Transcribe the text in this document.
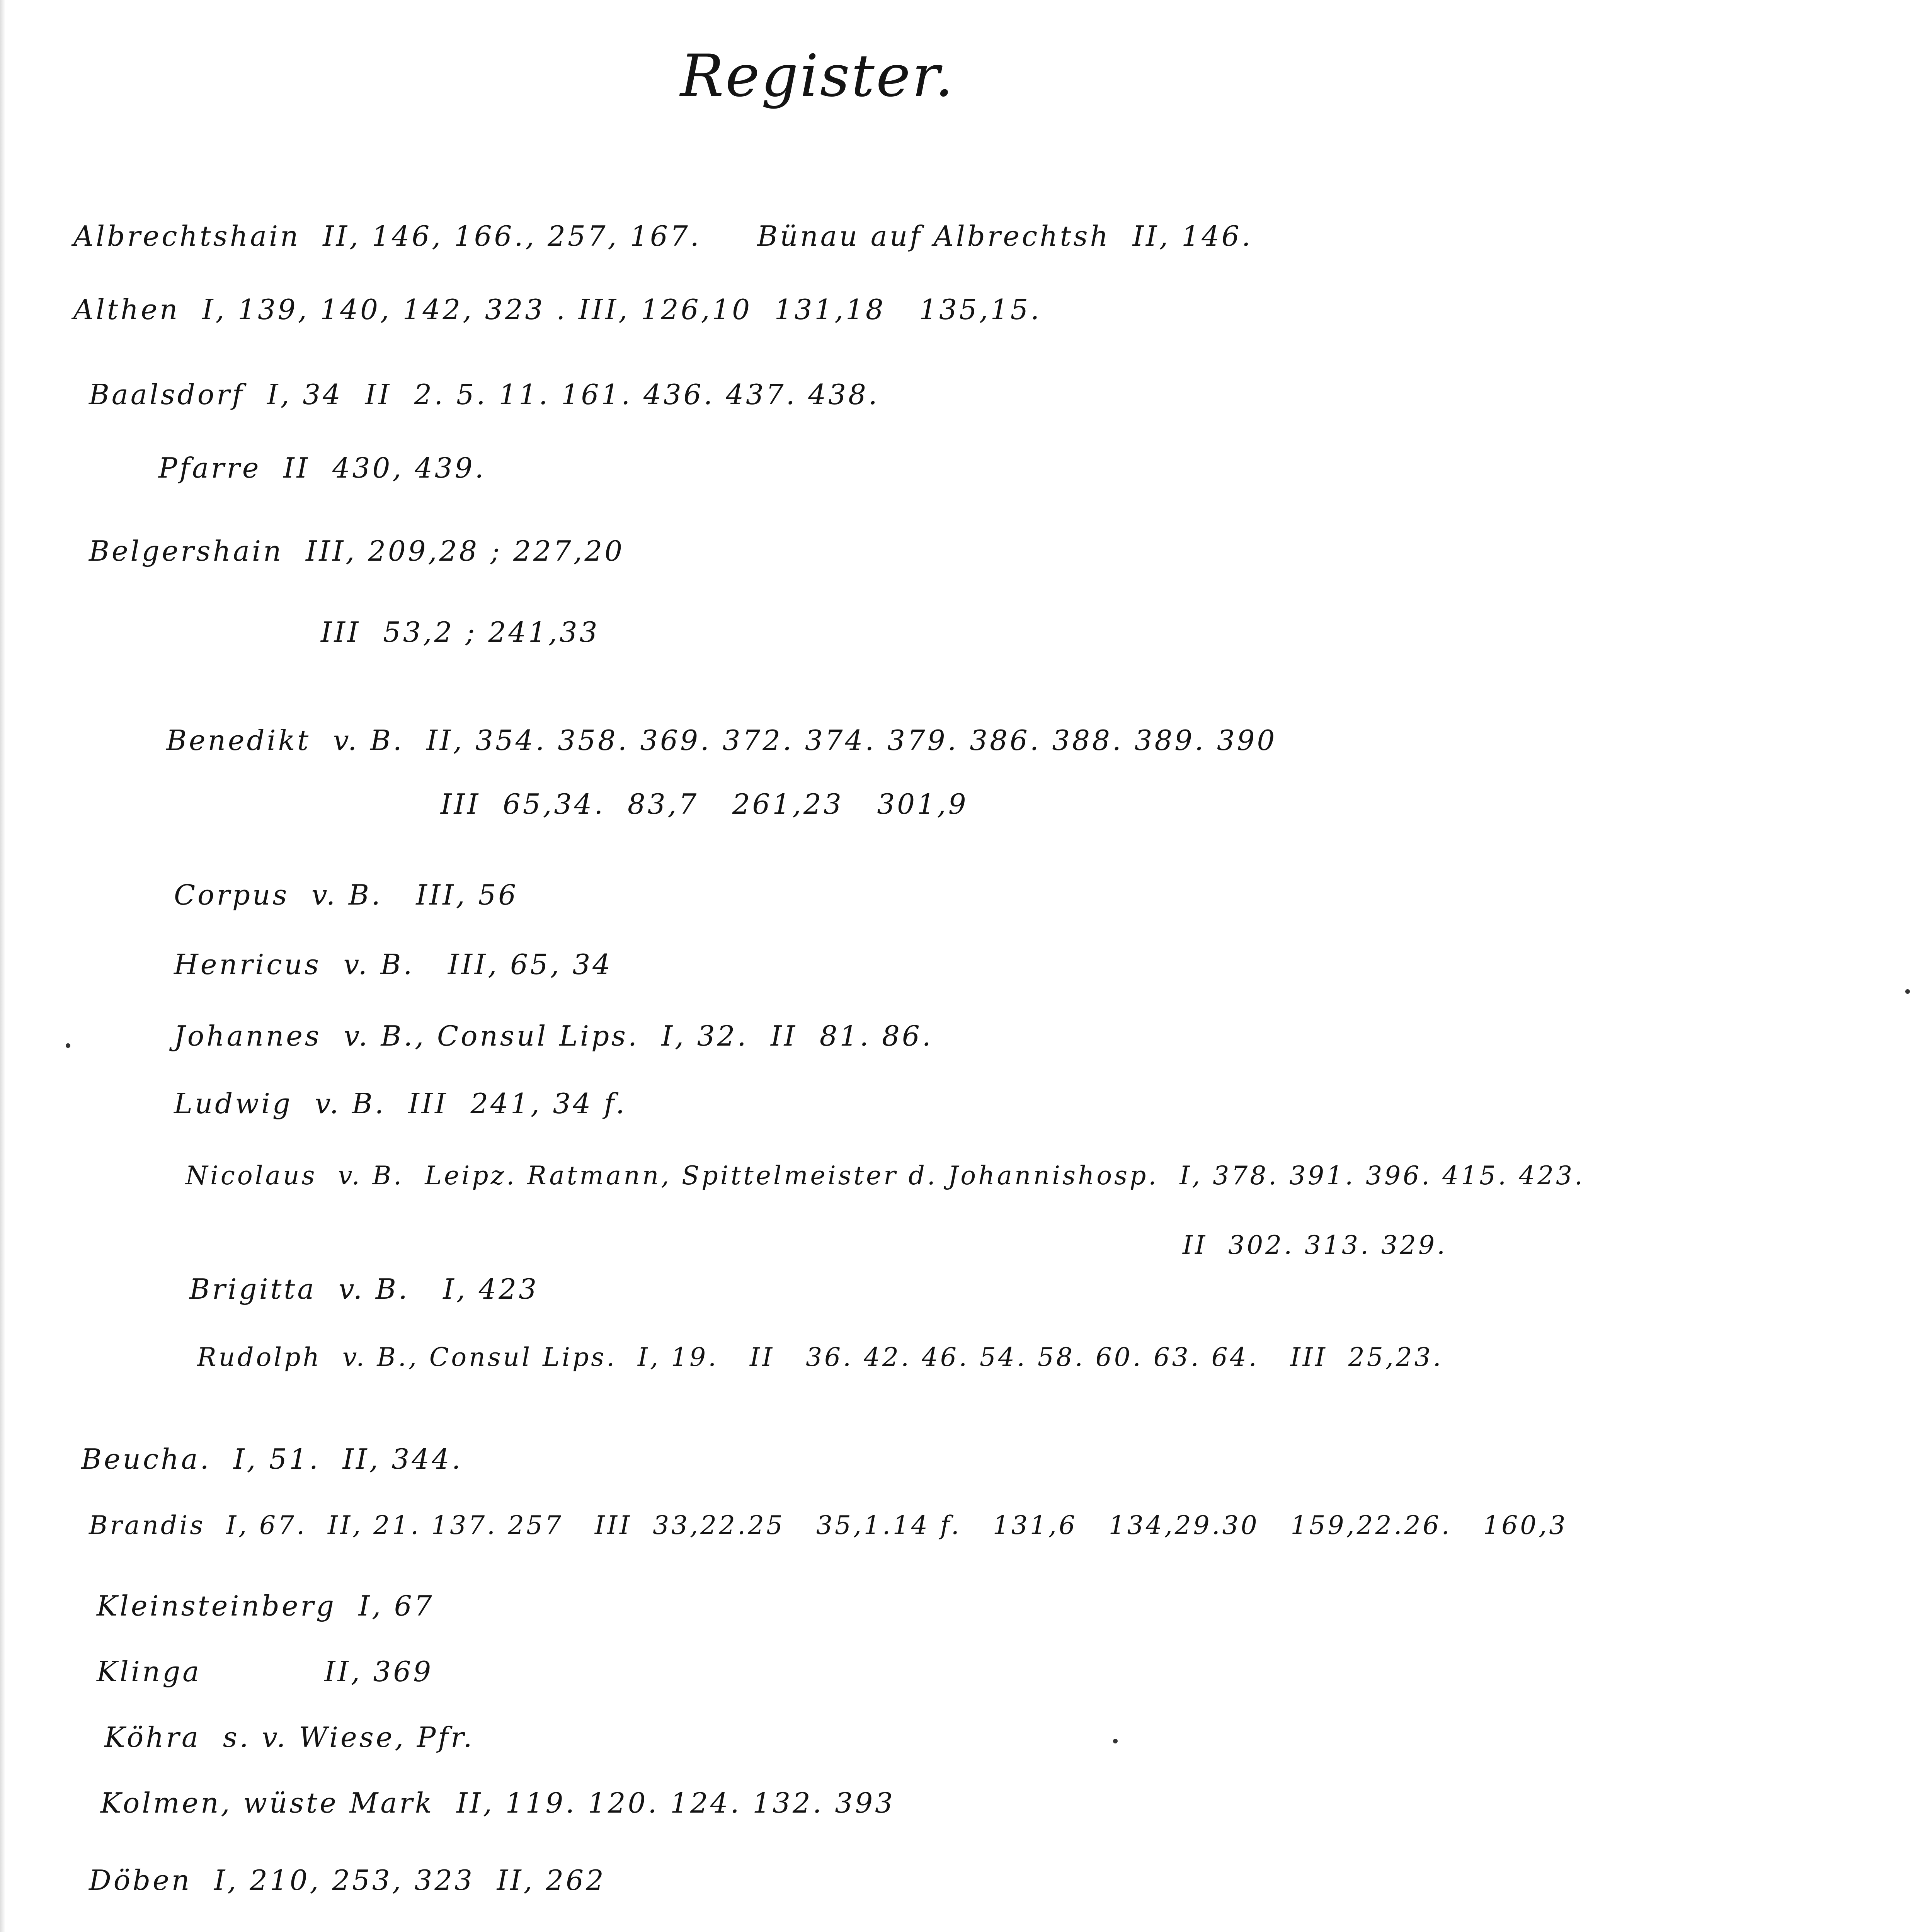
Register.
Albrechtshain  II, 146, 166., 257, 167.     Bünau auf Albrechtsh  II, 146.
Althen  I, 139, 140, 142, 323 . III, 126,10  131,18   135,15.
Baalsdorf  I, 34  II  2. 5. 11. 161. 436. 437. 438.
Pfarre  II  430, 439.
Belgershain  III, 209,28 ; 227,20
III  53,2 ; 241,33
Benedikt  v. B.  II, 354. 358. 369. 372. 374. 379. 386. 388. 389. 390
III  65,34.  83,7   261,23   301,9
Corpus  v. B.   III, 56
Henricus  v. B.   III, 65, 34
Johannes  v. B., Consul Lips.  I, 32.  II  81. 86.
Ludwig  v. B.  III  241, 34 f.
Nicolaus  v. B.  Leipz. Ratmann, Spittelmeister d. Johannishosp.  I, 378. 391. 396. 415. 423.
II  302. 313. 329.
Brigitta  v. B.   I, 423
Rudolph  v. B., Consul Lips.  I, 19.   II   36. 42. 46. 54. 58. 60. 63. 64.   III  25,23.
Beucha.  I, 51.  II, 344.
Brandis  I, 67.  II, 21. 137. 257   III  33,22.25   35,1.14 f.   131,6   134,29.30   159,22.26.   160,3
Kleinsteinberg  I, 67
Klinga           II, 369
Köhra  s. v. Wiese, Pfr.
Kolmen, wüste Mark  II, 119. 120. 124. 132. 393
Döben  I, 210, 253, 323  II, 262
